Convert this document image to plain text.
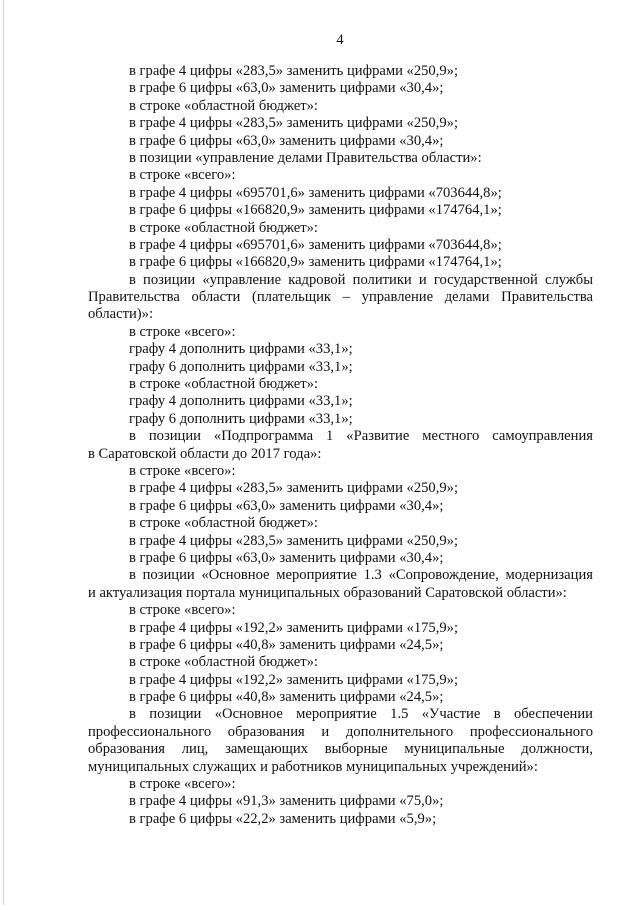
4
в графе 4 цифры «283,5» заменить цифрами «250,9»;
в графе 6 цифры «63,0» заменить цифрами «30,4»;
в строке «областной бюджет»:
в графе 4 цифры «283,5» заменить цифрами «250,9»;
в графе 6 цифры «63,0» заменить цифрами «30,4»;
в позиции «управление делами Правительства области»:
в строке «всего»:
в графе 4 цифры «695701,6» заменить цифрами «703644,8»;
в графе 6 цифры «166820,9» заменить цифрами «174764,1»;
в строке «областной бюджет»:
в графе 4 цифры «695701,6» заменить цифрами «703644,8»;
в графе 6 цифры «166820,9» заменить цифрами «174764,1»;
в позиции «управление кадровой политики и государственной службы
Правительства области (плательщик – управление делами Правительства
области)»:
в строке «всего»:
графу 4 дополнить цифрами «33,1»;
графу 6 дополнить цифрами «33,1»;
в строке «областной бюджет»:
графу 4 дополнить цифрами «33,1»;
графу 6 дополнить цифрами «33,1»;
в позиции «Подпрограмма 1 «Развитие местного самоуправления
в Саратовской области до 2017 года»:
в строке «всего»:
в графе 4 цифры «283,5» заменить цифрами «250,9»;
в графе 6 цифры «63,0» заменить цифрами «30,4»;
в строке «областной бюджет»:
в графе 4 цифры «283,5» заменить цифрами «250,9»;
в графе 6 цифры «63,0» заменить цифрами «30,4»;
в позиции «Основное мероприятие 1.3 «Сопровождение, модернизация
и актуализация портала муниципальных образований Саратовской области»:
в строке «всего»:
в графе 4 цифры «192,2» заменить цифрами «175,9»;
в графе 6 цифры «40,8» заменить цифрами «24,5»;
в строке «областной бюджет»:
в графе 4 цифры «192,2» заменить цифрами «175,9»;
в графе 6 цифры «40,8» заменить цифрами «24,5»;
в позиции «Основное мероприятие 1.5 «Участие в обеспечении
профессионального образования и дополнительного профессионального
образования лиц, замещающих выборные муниципальные должности,
муниципальных служащих и работников муниципальных учреждений»:
в строке «всего»:
в графе 4 цифры «91,3» заменить цифрами «75,0»;
в графе 6 цифры «22,2» заменить цифрами «5,9»;
